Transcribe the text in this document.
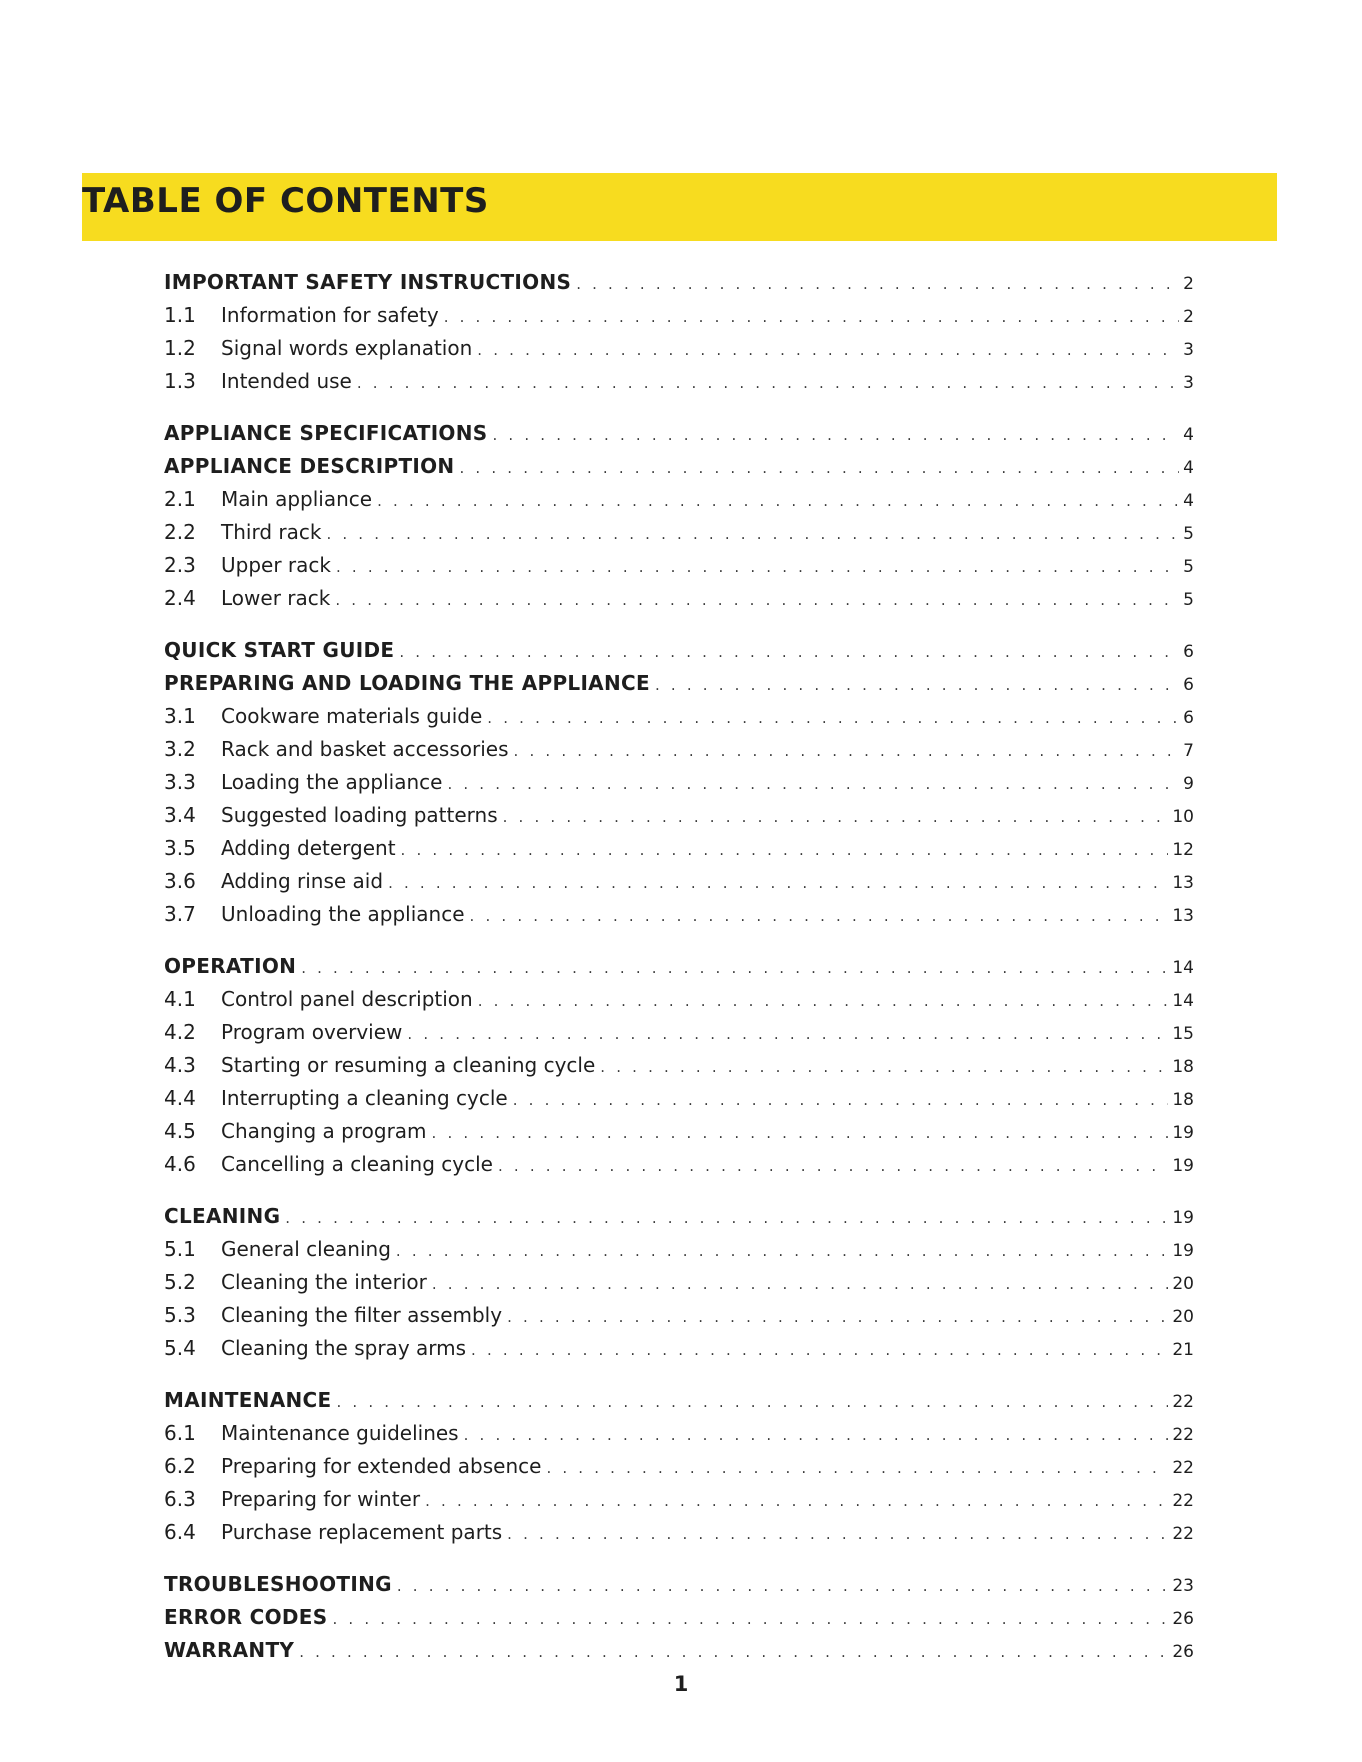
TABLE OF CONTENTS
IMPORTANT SAFETY INSTRUCTIONS . . .	2
1.1	Information for safety . . .	2
1.2	Signal words explanation . . .	3
1.3	Intended use . . .	3
APPLIANCE SPECIFICATIONS . . .	4
APPLIANCE DESCRIPTION . . .	4
2.1	Main appliance . . .	4
2.2	Third rack . . .	5
2.3	Upper rack . . .	5
2.4	Lower rack . . .	5
QUICK START GUIDE . . .	6
PREPARING AND LOADING THE APPLIANCE . . .	6
3.1	Cookware materials guide . . .	6
3.2	Rack and basket accessories . . .	7
3.3	Loading the appliance . . .	9
3.4	Suggested loading patterns . . .	10
3.5	Adding detergent . . .	12
3.6	Adding rinse aid . . .	13
3.7	Unloading the appliance . . .	13
OPERATION . . .	14
4.1	Control panel description . . .	14
4.2	Program overview . . .	15
4.3	Starting or resuming a cleaning cycle . . .	18
4.4	Interrupting a cleaning cycle . . .	18
4.5	Changing a program . . .	19
4.6	Cancelling a cleaning cycle . . .	19
CLEANING . . .	19
5.1	General cleaning . . .	19
5.2	Cleaning the interior . . .	20
5.3	Cleaning the filter assembly . . .	20
5.4	Cleaning the spray arms . . .	21
MAINTENANCE . . .	22
6.1	Maintenance guidelines . . .	22
6.2	Preparing for extended absence . . .	22
6.3	Preparing for winter . . .	22
6.4	Purchase replacement parts . . .	22
TROUBLESHOOTING . . .	23
ERROR CODES . . .	26
WARRANTY . . .	26
1
